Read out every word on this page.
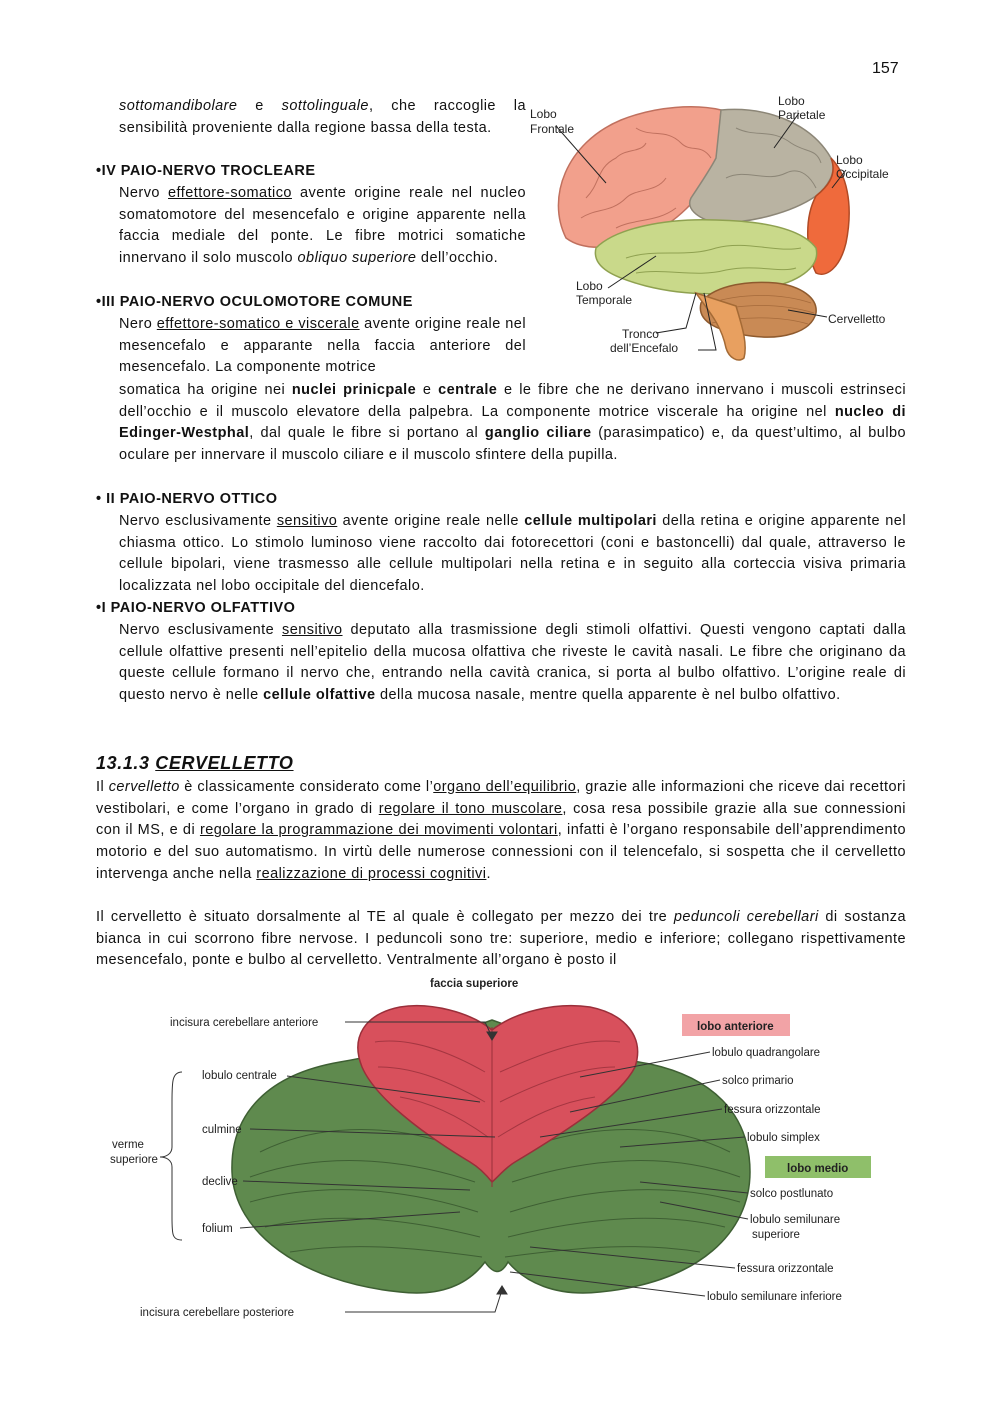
157
sottomandibolare e sottolinguale, che raccoglie la sensibilità proveniente dalla regione bassa della testa.
•IV PAIO-NERVO TROCLEARE
Nervo effettore-somatico avente origine reale nel nucleo somatomotore del mesencefalo e origine apparente nella faccia mediale del ponte. Le fibre motrici somatiche innervano il solo muscolo obliquo superiore dell’occhio.
•III PAIO-NERVO OCULOMOTORE COMUNE
Nero effettore-somatico e viscerale avente origine reale nel mesencefalo e apparante nella faccia anteriore del mesencefalo. La componente motrice
somatica ha origine nei nuclei prinicpale e centrale e le fibre che ne derivano innervano i muscoli estrinseci dell’occhio e il muscolo elevatore della palpebra. La componente motrice viscerale ha origine nel nucleo di Edinger-Westphal, dal quale le fibre si portano al ganglio ciliare (parasimpatico) e, da quest’ultimo, al bulbo oculare per innervare il muscolo ciliare e il muscolo sfintere della pupilla.
• II PAIO-NERVO OTTICO
Nervo esclusivamente sensitivo avente origine reale nelle cellule multipolari della retina e origine apparente nel chiasma ottico. Lo stimolo luminoso viene raccolto dai fotorecettori (coni e bastoncelli) dal quale, attraverso le cellule bipolari, viene trasmesso alle cellule multipolari nella retina e in seguito alla corteccia visiva primaria localizzata nel lobo occipitale del diencefalo.
•I PAIO-NERVO OLFATTIVO
Nervo esclusivamente sensitivo deputato alla trasmissione degli stimoli olfattivi. Questi vengono captati dalla cellule olfattive presenti nell’epitelio della mucosa olfattiva che riveste le cavità nasali. Le fibre che originano da queste cellule formano il nervo che, entrando nella cavità cranica, si porta al bulbo olfattivo. L’origine reale di questo nervo è nelle cellule olfattive della mucosa nasale, mentre quella apparente è nel bulbo olfattivo.
13.1.3 CERVELLETTO
Il cervelletto è classicamente considerato come l’organo dell’equilibrio, grazie alle informazioni che riceve dai recettori vestibolari, e come l’organo in grado di regolare il tono muscolare, cosa resa possibile grazie alla sue connessioni con il MS, e di regolare la programmazione dei movimenti volontari, infatti è l’organo responsabile dell’apprendimento motorio e del suo automatismo. In virtù delle numerose connessioni con il telencefalo, si sospetta che il cervelletto intervenga anche nella realizzazione di processi cognitivi.
Il cervelletto è situato dorsalmente al TE al quale è collegato per mezzo dei tre peduncoli cerebellari di sostanza bianca in cui scorrono fibre nervose. I peduncoli sono tre: superiore, medio e inferiore; collegano rispettivamente mesencefalo, ponte e bulbo al cervelletto. Ventralmente all’organo è posto il
Lobo
Frontale
Lobo
Parietale
Lobo
Occipitale
Lobo
Temporale
Cervelletto
Tronco
dell’Encefalo
lobo anteriore
lobo medio
faccia superiore
incisura cerebellare anteriore
lobulo centrale
culmine
verme
superiore
declive
folium
incisura cerebellare posteriore
lobulo quadrangolare
solco primario
fessura orizzontale
lobulo simplex
solco postlunato
lobulo semilunare
superiore
fessura orizzontale
lobulo semilunare inferiore
